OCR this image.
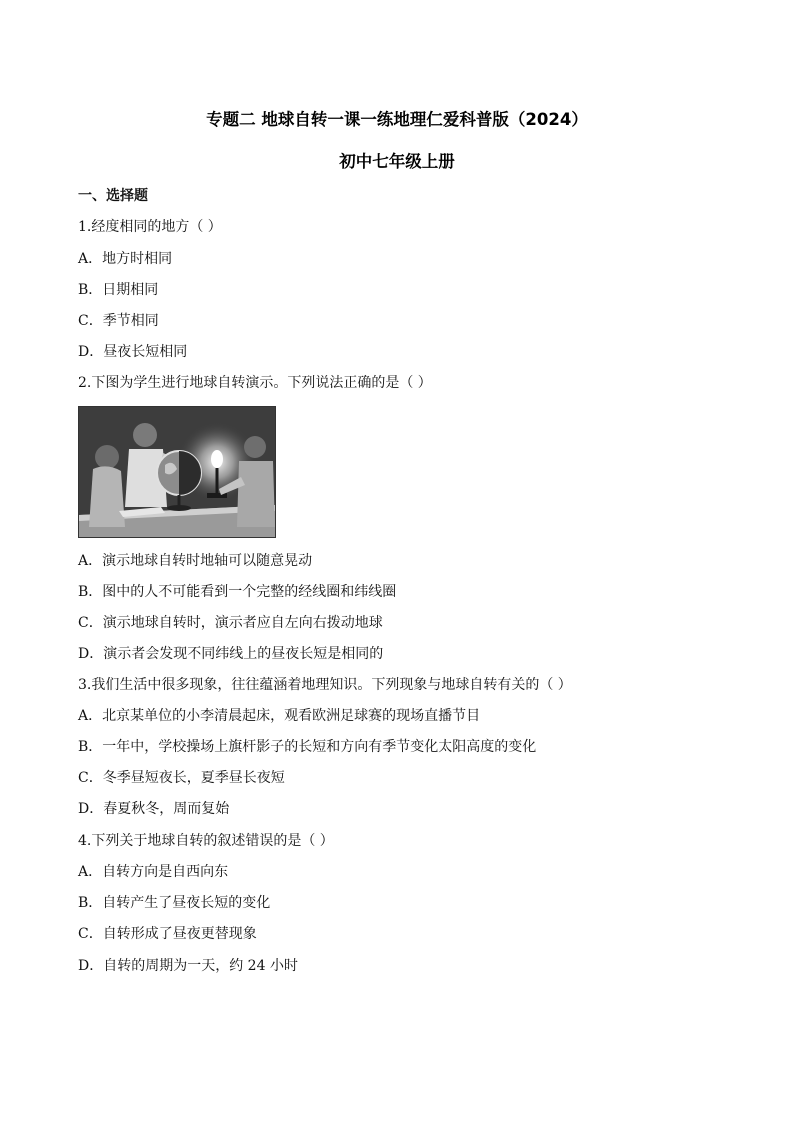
专题二 地球自转一课一练地理仁爱科普版（2024）
初中七年级上册
一、选择题
1.经度相同的地方（ ）
A．地方时相同
B．日期相同
C．季节相同
D．昼夜长短相同
2.下图为学生进行地球自转演示。下列说法正确的是（ ）
A．演示地球自转时地轴可以随意晃动
B．图中的人不可能看到一个完整的经线圈和纬线圈
C．演示地球自转时，演示者应自左向右拨动地球
D．演示者会发现不同纬线上的昼夜长短是相同的
3.我们生活中很多现象，往往蕴涵着地理知识。下列现象与地球自转有关的（ ）
A．北京某单位的小李清晨起床，观看欧洲足球赛的现场直播节目
B．一年中，学校操场上旗杆影子的长短和方向有季节变化太阳高度的变化
C．冬季昼短夜长，夏季昼长夜短
D．春夏秋冬，周而复始
4.下列关于地球自转的叙述错误的是（ ）
A．自转方向是自西向东
B．自转产生了昼夜长短的变化
C．自转形成了昼夜更替现象
D．自转的周期为一天，约 24 小时
